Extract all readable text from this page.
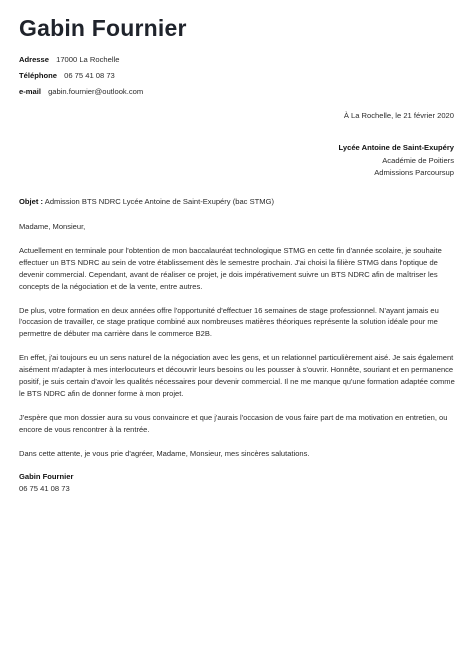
Gabin Fournier
Adresse 17000 La Rochelle
Téléphone 06 75 41 08 73
e-mail gabin.fournier@outlook.com
À La Rochelle, le 21 février 2020
Lycée Antoine de Saint-Exupéry
Académie de Poitiers
Admissions Parcoursup
Objet : Admission BTS NDRC Lycée Antoine de Saint-Exupéry (bac STMG)

Madame, Monsieur,

Actuellement en terminale pour l'obtention de mon baccalauréat technologique STMG en cette fin d'année scolaire, je souhaite effectuer un BTS NDRC au sein de votre établissement dès le semestre prochain. J'ai choisi la filière STMG dans l'optique de devenir commercial. Cependant, avant de réaliser ce projet, je dois impérativement suivre un BTS NDRC afin de maîtriser les concepts de la négociation et de la vente, entre autres.

De plus, votre formation en deux années offre l'opportunité d'effectuer 16 semaines de stage professionnel. N'ayant jamais eu l'occasion de travailler, ce stage pratique combiné aux nombreuses matières théoriques représente la solution idéale pour me permettre de débuter ma carrière dans le commerce B2B.

En effet, j'ai toujours eu un sens naturel de la négociation avec les gens, et un relationnel particulièrement aisé. Je sais également aisément m'adapter à mes interlocuteurs et découvrir leurs besoins ou les pousser à s'ouvrir. Honnête, souriant et en permanence positif, je suis certain d'avoir les qualités nécessaires pour devenir commercial. Il ne me manque qu'une formation adaptée comme le BTS NDRC afin de donner forme à mon projet.

J'espère que mon dossier aura su vous convaincre et que j'aurais l'occasion de vous faire part de ma motivation en entretien, ou encore de vous rencontrer à la rentrée.

Dans cette attente, je vous prie d'agréer, Madame, Monsieur, mes sincères salutations.

Gabin Fournier
06 75 41 08 73
